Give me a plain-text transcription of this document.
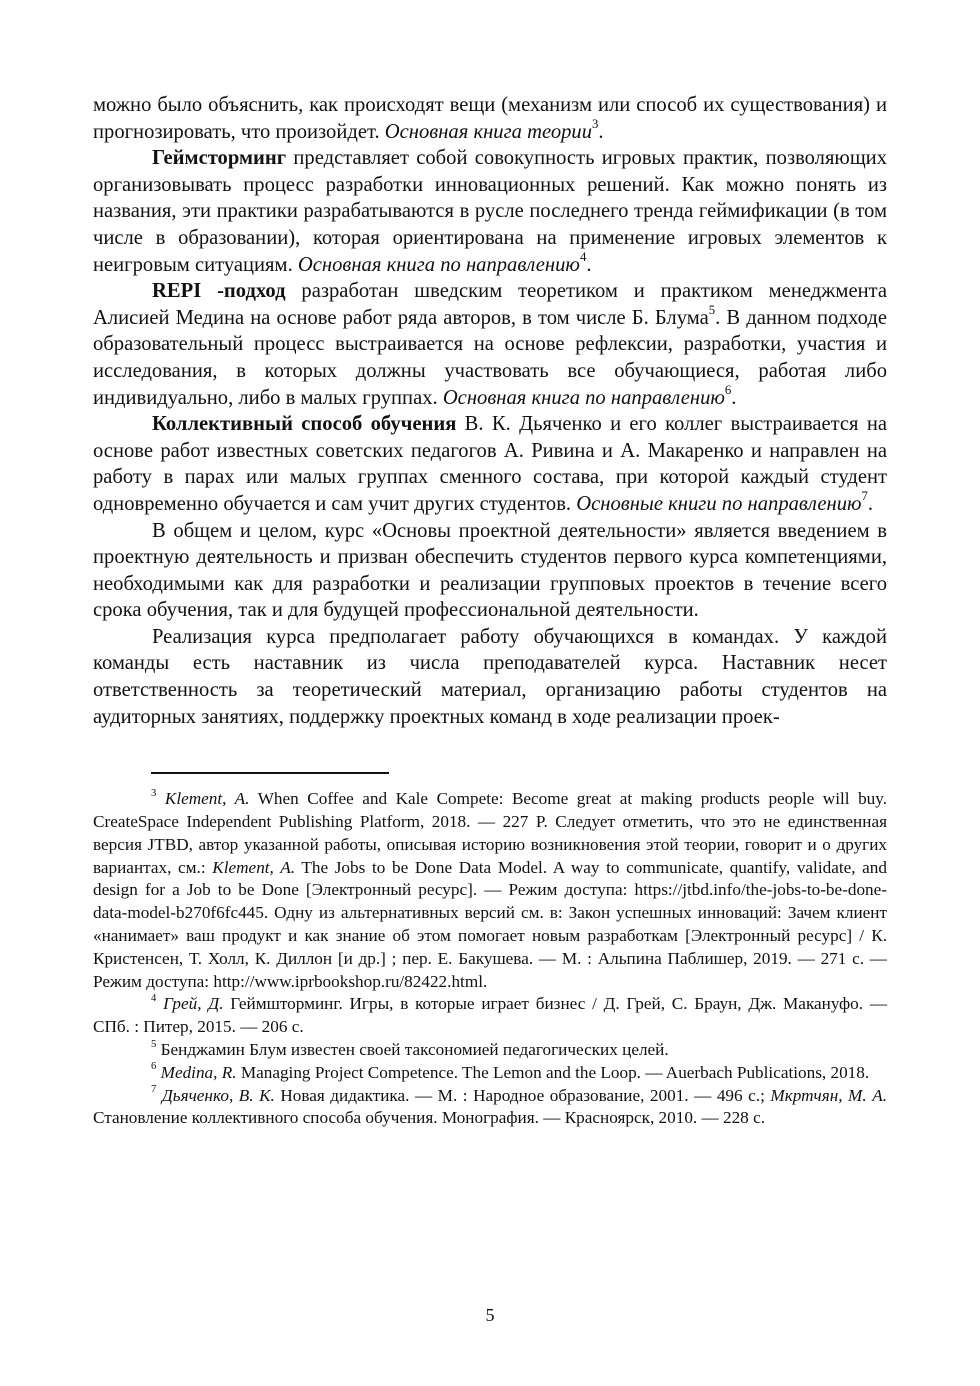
можно было объяснить, как происходят вещи (механизм или способ их существования) и прогнозировать, что произойдет. Основная книга теории$^3$.

Геймсторминг представляет собой совокупность игровых практик, позволяющих организовывать процесс разработки инновационных решений. Как можно понять из названия, эти практики разрабатываются в русле последнего тренда геймификации (в том числе в образовании), которая ориентирована на применение игровых элементов к неигровым ситуациям. Основная книга по направлению$^4$.

REPI -подход разработан шведским теоретиком и практиком менеджмента Алисией Медина на основе работ ряда авторов, в том числе Б. Блума$^5$. В данном подходе образовательный процесс выстраивается на основе рефлексии, разработки, участия и исследования, в которых должны участвовать все обучающиеся, работая либо индивидуально, либо в малых группах. Основная книга по направлению$^6$.

Коллективный способ обучения В. К. Дьяченко и его коллег выстраивается на основе работ известных советских педагогов А. Ривина и А. Макаренко и направлен на работу в парах или малых группах сменного состава, при которой каждый студент одновременно обучается и сам учит других студентов. Основные книги по направлению$^7$.

В общем и целом, курс «Основы проектной деятельности» является введением в проектную деятельность и призван обеспечить студентов первого курса компетенциями, необходимыми как для разработки и реализации групповых проектов в течение всего срока обучения, так и для будущей профессиональной деятельности.

Реализация курса предполагает работу обучающихся в командах. У каждой команды есть наставник из числа преподавателей курса. Наставник несет ответственность за теоретический материал, организацию работы студентов на аудиторных занятиях, поддержку проектных команд в ходе реализации проек-

$^3$ Klement, A. When Coffee and Kale Compete: Become great at making products people will buy. CreateSpace Independent Publishing Platform, 2018. — 227 P. Следует отметить, что это не единственная версия JTBD, автор указанной работы, описывая историю возникновения этой теории, говорит и о других вариантах, см.: Klement, A. The Jobs to be Done Data Model. A way to communicate, quantify, validate, and design for a Job to be Done [Электронный ресурс]. — Режим доступа: https://jtbd.info/the-jobs-to-be-done-data-model-b270f6fc445. Одну из альтернативных версий см. в: Закон успешных инноваций: Зачем клиент «нанимает» ваш продукт и как знание об этом помогает новым разработкам [Электронный ресурс] / К. Кристенсен, Т. Холл, К. Диллон [и др.] ; пер. Е. Бакушева. — М. : Альпина Паблишер, 2019. — 271 с. — Режим доступа: http://www.iprbookshop.ru/82422.html.

$^4$ Грей, Д. Геймшторминг. Игры, в которые играет бизнес / Д. Грей, С. Браун, Дж. Макануфо. — СПб. : Питер, 2015. — 206 с.

$^5$ Бенджамин Блум известен своей таксономией педагогических целей.

$^6$ Medina, R. Managing Project Competence. The Lemon and the Loop. — Auerbach Publications, 2018.

$^7$ Дьяченко, В. К. Новая дидактика. — М. : Народное образование, 2001. — 496 с.; Мкртчян, М. А. Становление коллективного способа обучения. Монография. — Красноярск, 2010. — 228 с.

5
